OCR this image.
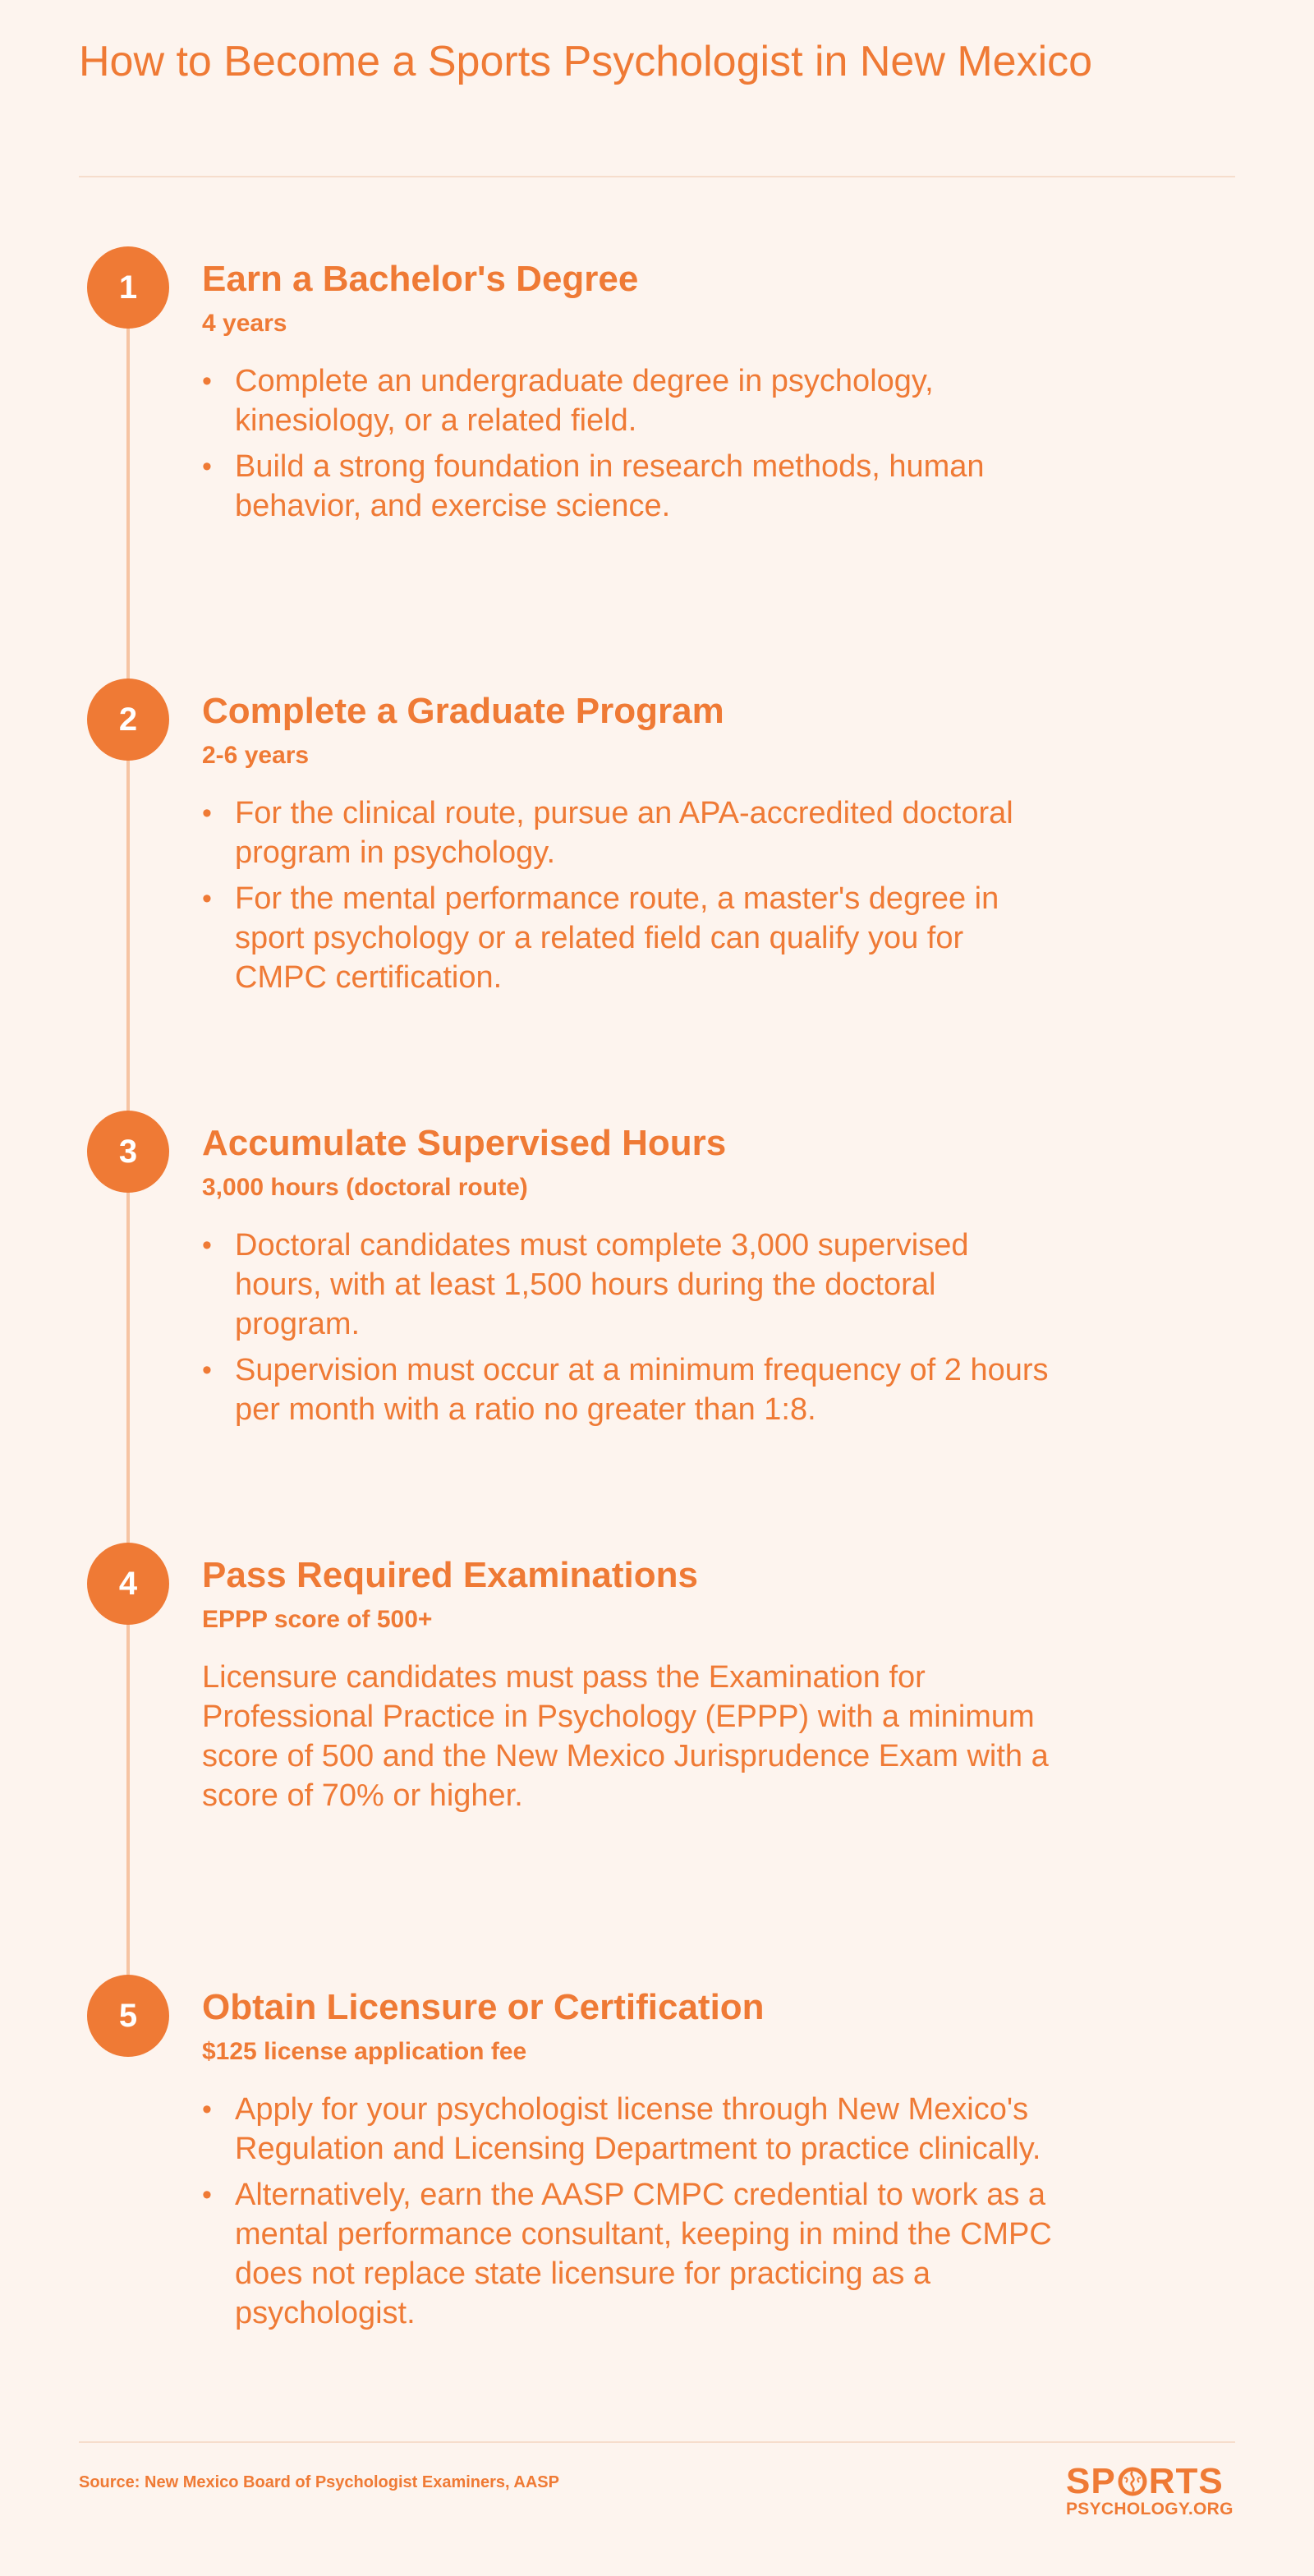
How to Become a Sports Psychologist in New Mexico
1	Earn a Bachelor's Degree

4 years

• Complete an undergraduate degree in psychology, kinesiology, or a related field.
• Build a strong foundation in research methods, human behavior, and exercise science.
2	Complete a Graduate Program

2-6 years

• For the clinical route, pursue an APA-accredited doctoral program in psychology.
• For the mental performance route, a master's degree in sport psychology or a related field can qualify you for CMPC certification.
3	Accumulate Supervised Hours

3,000 hours (doctoral route)

• Doctoral candidates must complete 3,000 supervised hours, with at least 1,500 hours during the doctoral program.
• Supervision must occur at a minimum frequency of 2 hours per month with a ratio no greater than 1:8.
4	Pass Required Examinations

EPPP score of 500+

Licensure candidates must pass the Examination for Professional Practice in Psychology (EPPP) with a minimum score of 500 and the New Mexico Jurisprudence Exam with a score of 70% or higher.

5	Obtain Licensure or Certification

$125 license application fee

• Apply for your psychologist license through New Mexico's Regulation and Licensing Department to practice clinically.
• Alternatively, earn the AASP CMPC credential to work as a mental performance consultant, keeping in mind the CMPC does not replace state licensure for practicing as a psychologist.
Source: New Mexico Board of Psychologist Examiners, AASP	SP RTS
PSYCHOLOGY.ORG
